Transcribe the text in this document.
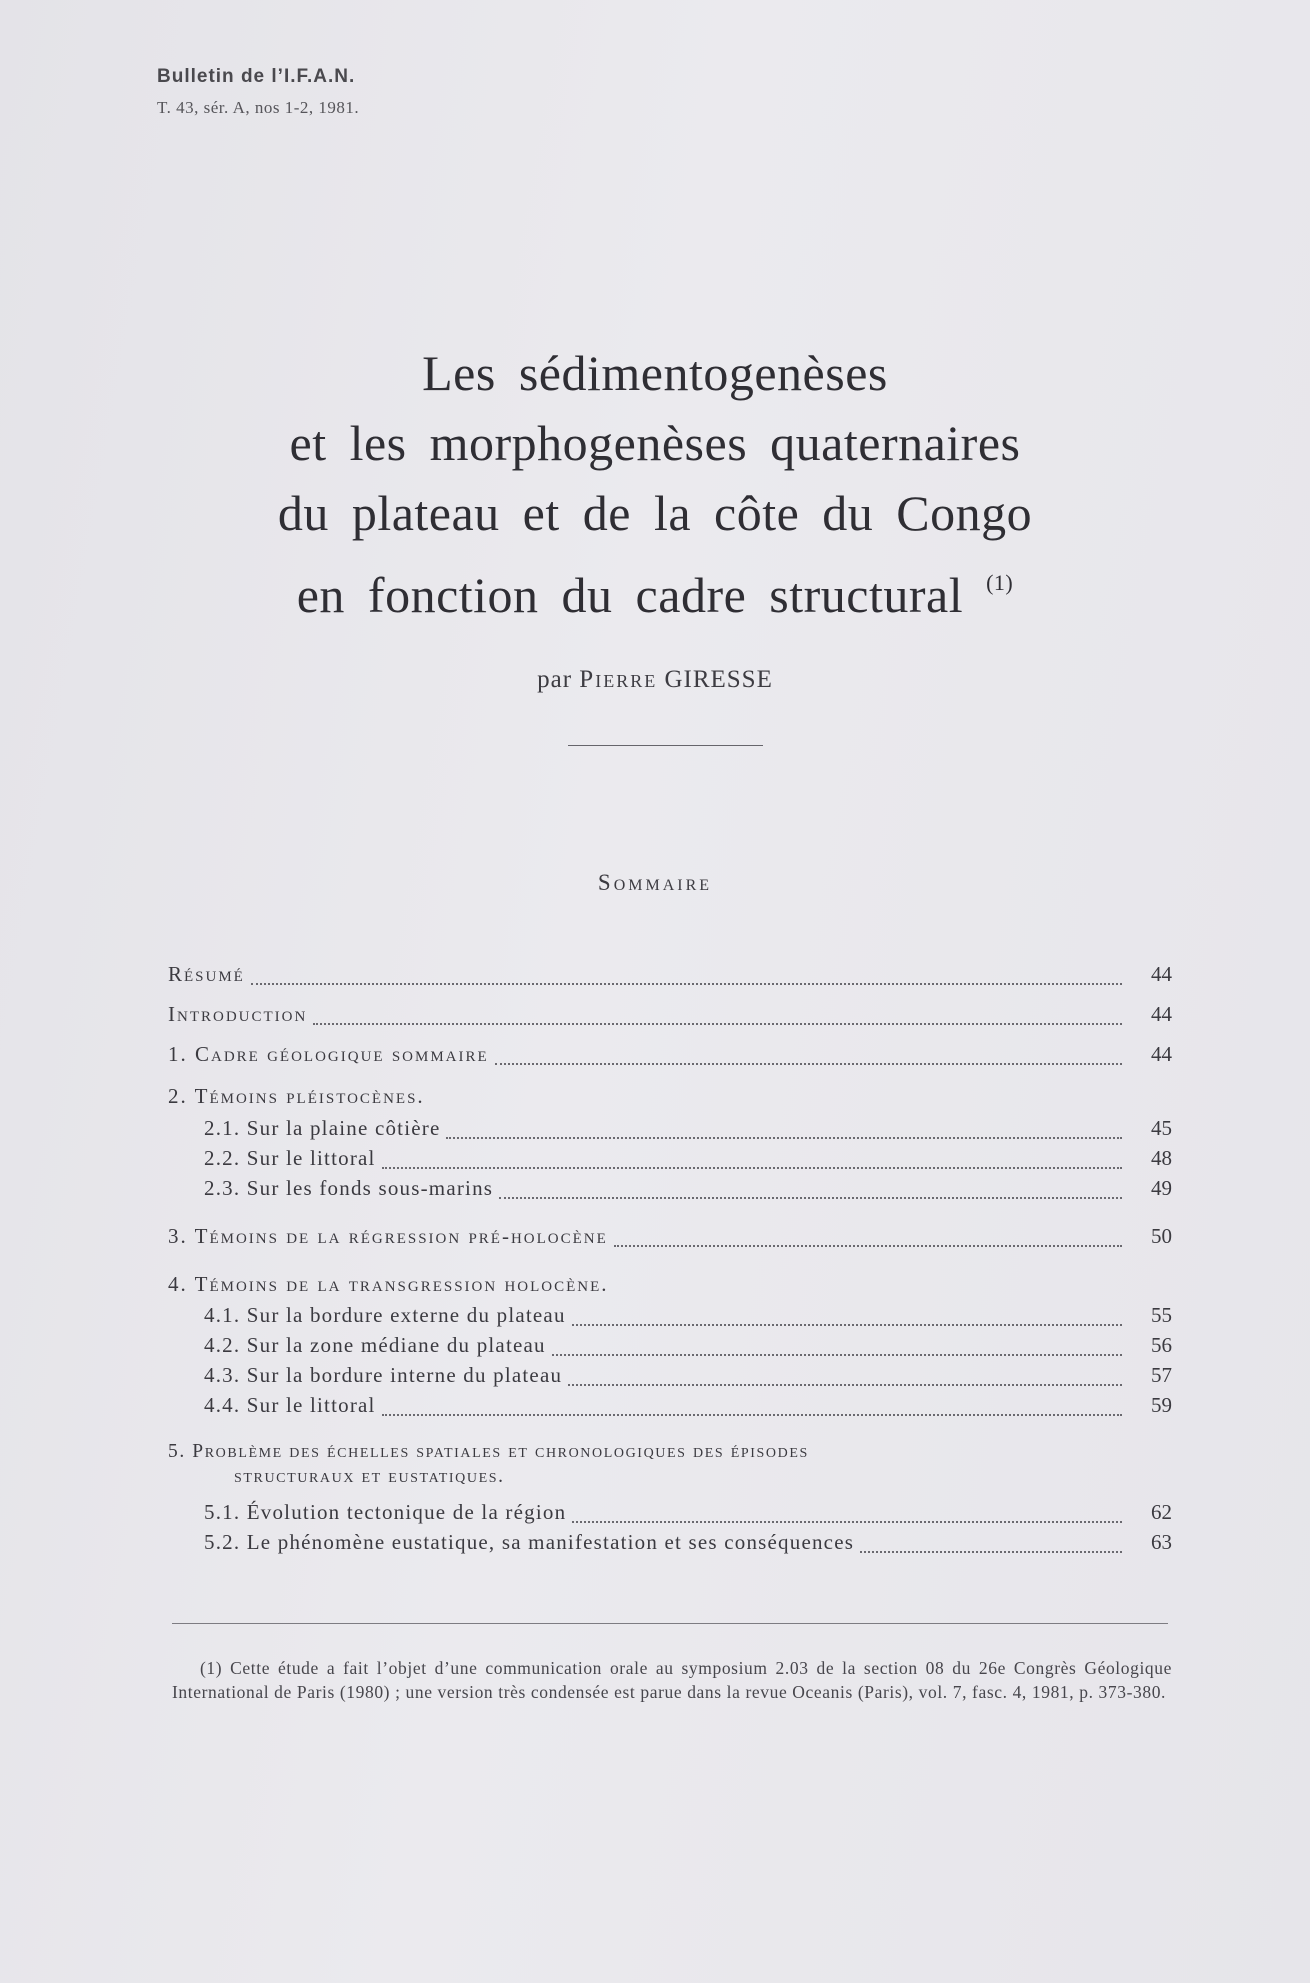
Bulletin de l’I.F.A.N.
T. 43, sér. A, nos 1-2, 1981.
Les sédimentogenèses
et les morphogenèses quaternaires
du plateau et de la côte du Congo
en fonction du cadre structural $^{(1)}$
par Pierre GIRESSE
Sommaire
Résumé	44
Introduction	44
1. Cadre géologique sommaire	44
2. Témoins pléistocènes.
2.1. Sur la plaine côtière	45
2.2. Sur le littoral	48
2.3. Sur les fonds sous-marins	49
3. Témoins de la régression pré-holocène	50
4. Témoins de la transgression holocène.
4.1. Sur la bordure externe du plateau	55
4.2. Sur la zone médiane du plateau	56
4.3. Sur la bordure interne du plateau	57
4.4. Sur le littoral	59
5. Problème des échelles spatiales et chronologiques des épisodes
structuraux et eustatiques.
5.1. Évolution tectonique de la région	62
5.2. Le phénomène eustatique, sa manifestation et ses conséquences	63
(1) Cette étude a fait l’objet d’une communication orale au symposium 2.03 de la section 08 du 26e Congrès Géologique International de Paris (1980) ; une version très condensée est parue dans la revue Oceanis (Paris), vol. 7, fasc. 4, 1981, p. 373-380.
